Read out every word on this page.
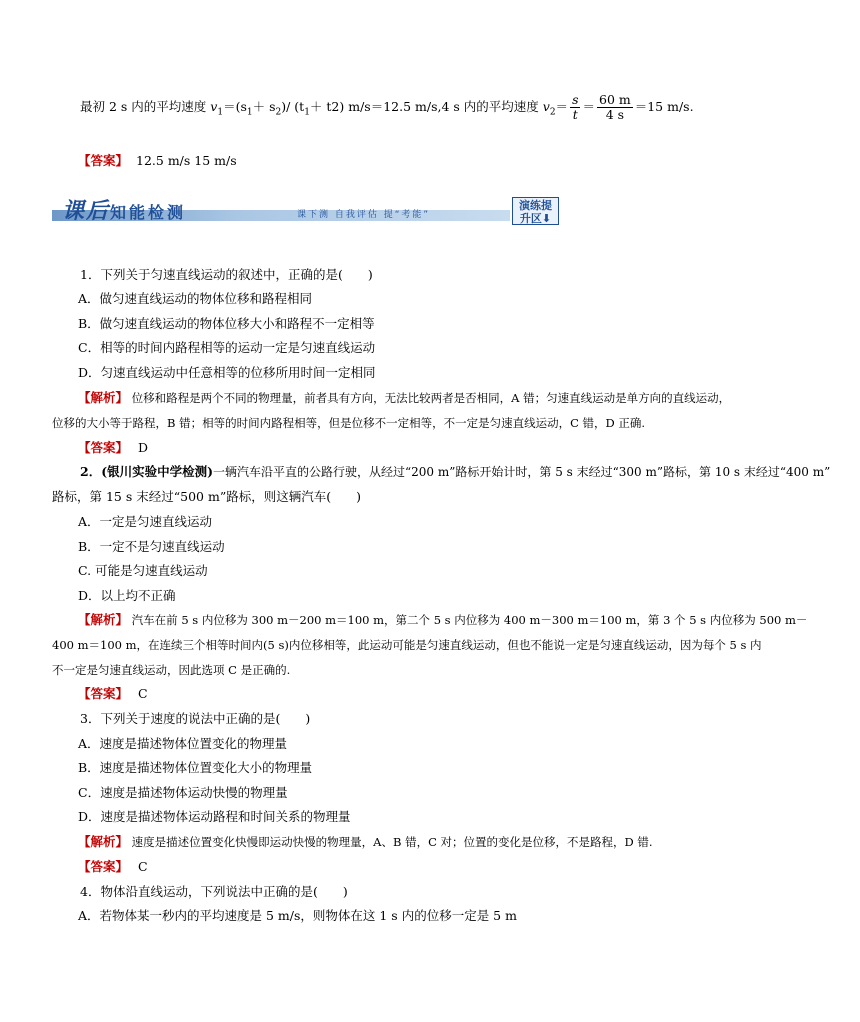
最初 2 s 内的平均速度 $v_1=(s_1+ s_2)/$ $(t_1+ t2)$ m/s＝12.5 m/s,4 s 内的平均速度 $v_2= \frac{s}{t} = \frac{60 m}{4 s} =15$ m/s.
【答案】 12.5 m/s 15 m/s
课后知能检测	课下测 自我评估 提“考能”
演练提
升区⬇
1．下列关于匀速直线运动的叙述中，正确的是(　　)
A．做匀速直线运动的物体位移和路程相同
B．做匀速直线运动的物体位移大小和路程不一定相等
C．相等的时间内路程相等的运动一定是匀速直线运动
D．匀速直线运动中任意相等的位移所用时间一定相同
【解析】 位移和路程是两个不同的物理量，前者具有方向，无法比较两者是否相同，A 错；匀速直线运动是单方向的直线运动，
位移的大小等于路程，B 错；相等的时间内路程相等，但是位移不一定相等，不一定是匀速直线运动，C 错，D 正确.
【答案】 D
2．(银川实验中学检测)一辆汽车沿平直的公路行驶，从经过“200 m”路标开始计时，第 5 s 末经过“300 m”路标，第 10 s 末经过“400 m”
路标，第 15 s 末经过“500 m”路标，则这辆汽车(　　)
A．一定是匀速直线运动
B．一定不是匀速直线运动
C. 可能是匀速直线运动
D．以上均不正确
【解析】 汽车在前 5 s 内位移为 300 m－200 m＝100 m，第二个 5 s 内位移为 400 m－300 m＝100 m，第 3 个 5 s 内位移为 500 m－
400 m＝100 m，在连续三个相等时间内(5 s)内位移相等，此运动可能是匀速直线运动，但也不能说一定是匀速直线运动，因为每个 5 s 内
不一定是匀速直线运动，因此选项 C 是正确的.
【答案】 C
3．下列关于速度的说法中正确的是(　　)
A．速度是描述物体位置变化的物理量
B．速度是描述物体位置变化大小的物理量
C．速度是描述物体运动快慢的物理量
D．速度是描述物体运动路程和时间关系的物理量
【解析】 速度是描述位置变化快慢即运动快慢的物理量，A、B 错，C 对；位置的变化是位移，不是路程，D 错.
【答案】 C
4．物体沿直线运动，下列说法中正确的是(　　)
A．若物体某一秒内的平均速度是 5 m/s，则物体在这 1 s 内的位移一定是 5 m
